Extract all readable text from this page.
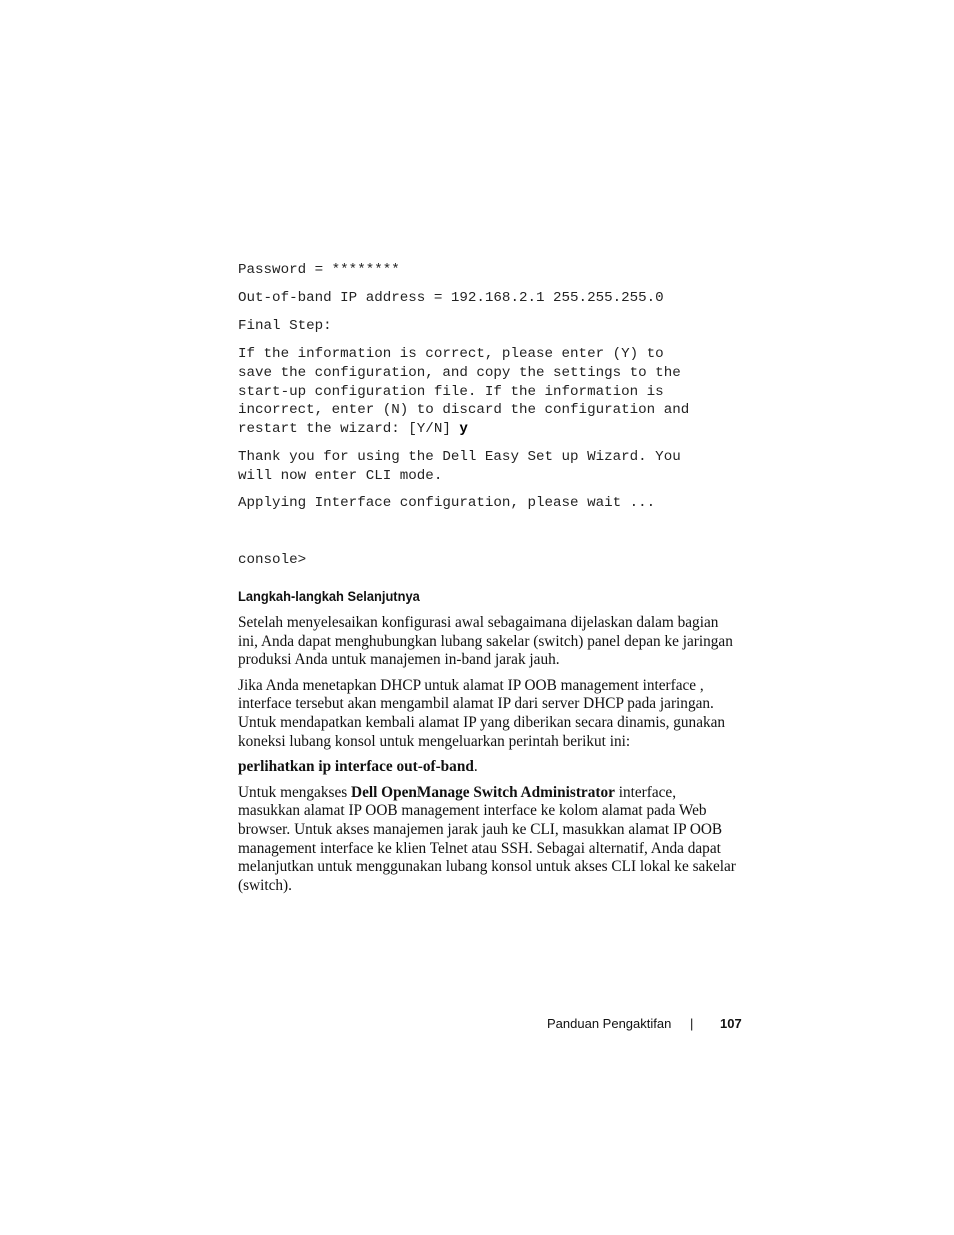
Password = ********

Out-of-band IP address = 192.168.2.1 255.255.255.0

Final Step:

If the information is correct, please enter (Y) to

save the configuration, and copy the settings to the

start-up configuration file. If the information is

incorrect, enter (N) to discard the configuration and

restart the wizard: [Y/N] y

Thank you for using the Dell Easy Set up Wizard. You

will now enter CLI mode.

Applying Interface configuration, please wait ...

console>

Langkah-langkah Selanjutnya

Setelah menyelesaikan konfigurasi awal sebagaimana dijelaskan dalam bagian ini, Anda dapat menghubungkan lubang sakelar (switch) panel depan ke jaringan produksi Anda untuk manajemen in-band jarak jauh.

Jika Anda menetapkan DHCP untuk alamat IP OOB management interface , interface tersebut akan mengambil alamat IP dari server DHCP pada jaringan. Untuk mendapatkan kembali alamat IP yang diberikan secara dinamis, gunakan koneksi lubang konsol untuk mengeluarkan perintah berikut ini:

perlihatkan ip interface out-of-band.

Untuk mengakses Dell OpenManage Switch Administrator interface, masukkan alamat IP OOB management interface ke kolom alamat pada Web browser. Untuk akses manajemen jarak jauh ke CLI, masukkan alamat IP OOB management interface ke klien Telnet atau SSH. Sebagai alternatif, Anda dapat melanjutkan untuk menggunakan lubang konsol untuk akses CLI lokal ke sakelar (switch).

Panduan Pengaktifan | 107
